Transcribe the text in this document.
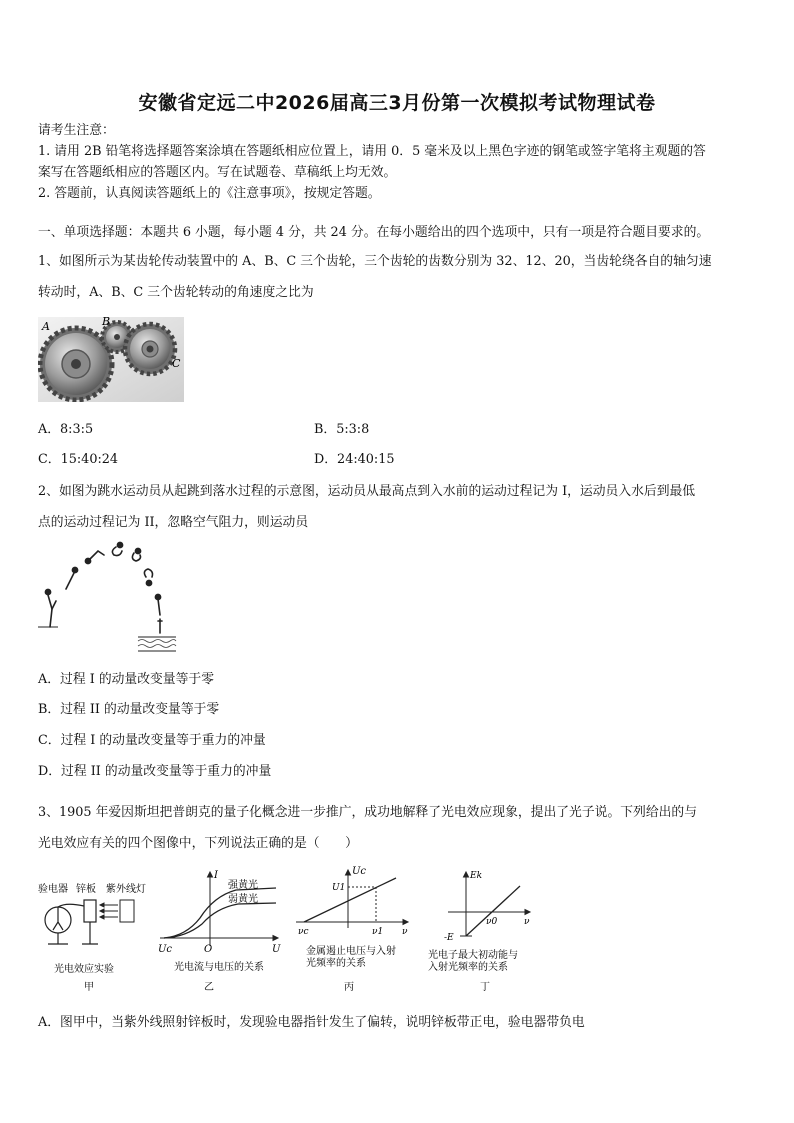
安徽省定远二中2026届高三3月份第一次模拟考试物理试卷
请考生注意：
1. 请用 2B 铅笔将选择题答案涂填在答题纸相应位置上，请用 0．5 毫米及以上黑色字迹的钢笔或签字笔将主观题的答
案写在答题纸相应的答题区内。写在试题卷、草稿纸上均无效。
2. 答题前，认真阅读答题纸上的《注意事项》，按规定答题。
一、单项选择题：本题共 6 小题，每小题 4 分，共 24 分。在每小题给出的四个选项中，只有一项是符合题目要求的。
1、如图所示为某齿轮传动装置中的 A、B、C 三个齿轮，三个齿轮的齿数分别为 32、12、20，当齿轮绕各自的轴匀速
转动时，A、B、C 三个齿轮转动的角速度之比为
A	B
C
A．8:3:5	B．5:3:8
C．15:40:24	D．24:40:15
2、如图为跳水运动员从起跳到落水过程的示意图，运动员从最高点到入水前的运动过程记为 I，运动员入水后到最低
点的运动过程记为 II，忽略空气阻力，则运动员
A．过程 I 的动量改变量等于零
B．过程 II 的动量改变量等于零
C．过程 I 的动量改变量等于重力的冲量
D．过程 II 的动量改变量等于重力的冲量
3、1905 年爱因斯坦把普朗克的量子化概念进一步推广，成功地解释了光电效应现象，提出了光子说。下列给出的与
光电效应有关的四个图像中，下列说法正确的是（　　）
验电器 锌板 紫外线灯
光电效应实验
甲
I
强黄光
弱黄光
Uc	O	U
光电流与电压的关系
乙
Uc
U1
νc	ν1 ν
金属遏止电压与入射
光频率的关系
丙
Ek
-E
ν0	ν
光电子最大初动能与
入射光频率的关系
丁
A．图甲中，当紫外线照射锌板时，发现验电器指针发生了偏转，说明锌板带正电，验电器带负电
